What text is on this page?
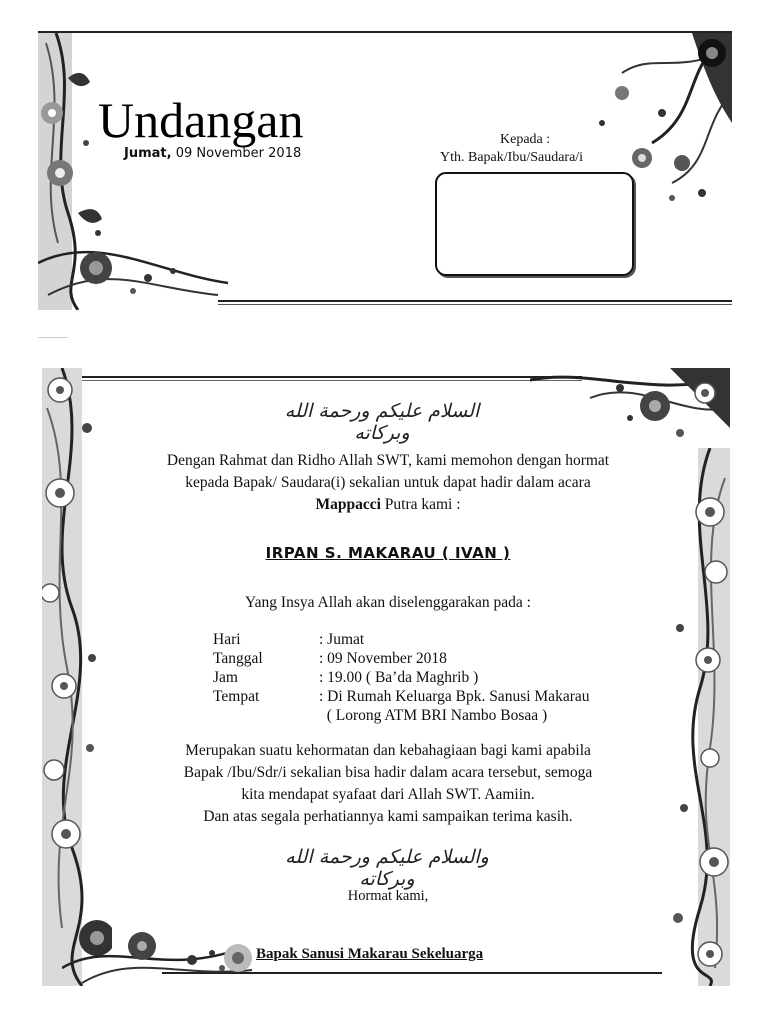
Undangan
Jumat, 09 November 2018
Kepada :
Yth. Bapak/Ibu/Saudara/i
السلام عليكم ورحمة الله وبركاته
Dengan Rahmat dan Ridho Allah SWT, kami memohon dengan hormat
kepada Bapak/ Saudara(i) sekalian untuk dapat hadir dalam acara
Mappacci Putra kami :
IRPAN S. MAKARAU ( IVAN )
Yang Insya Allah akan diselenggarakan pada :
Hari	: Jumat
Tanggal	: 09 November 2018
Jam	: 19.00 ( Ba’da Maghrib )
Tempat	: Di Rumah Keluarga Bpk. Sanusi Makarau
( Lorong ATM BRI Nambo Bosaa )
Merupakan suatu kehormatan dan kebahagiaan bagi kami apabila
Bapak /Ibu/Sdr/i sekalian bisa hadir dalam acara tersebut, semoga
kita mendapat syafaat dari Allah SWT. Aamiin.
Dan atas segala perhatiannya kami sampaikan terima kasih.
والسلام عليكم ورحمة الله وبركاته
Hormat kami,
Bapak Sanusi Makarau Sekeluarga
